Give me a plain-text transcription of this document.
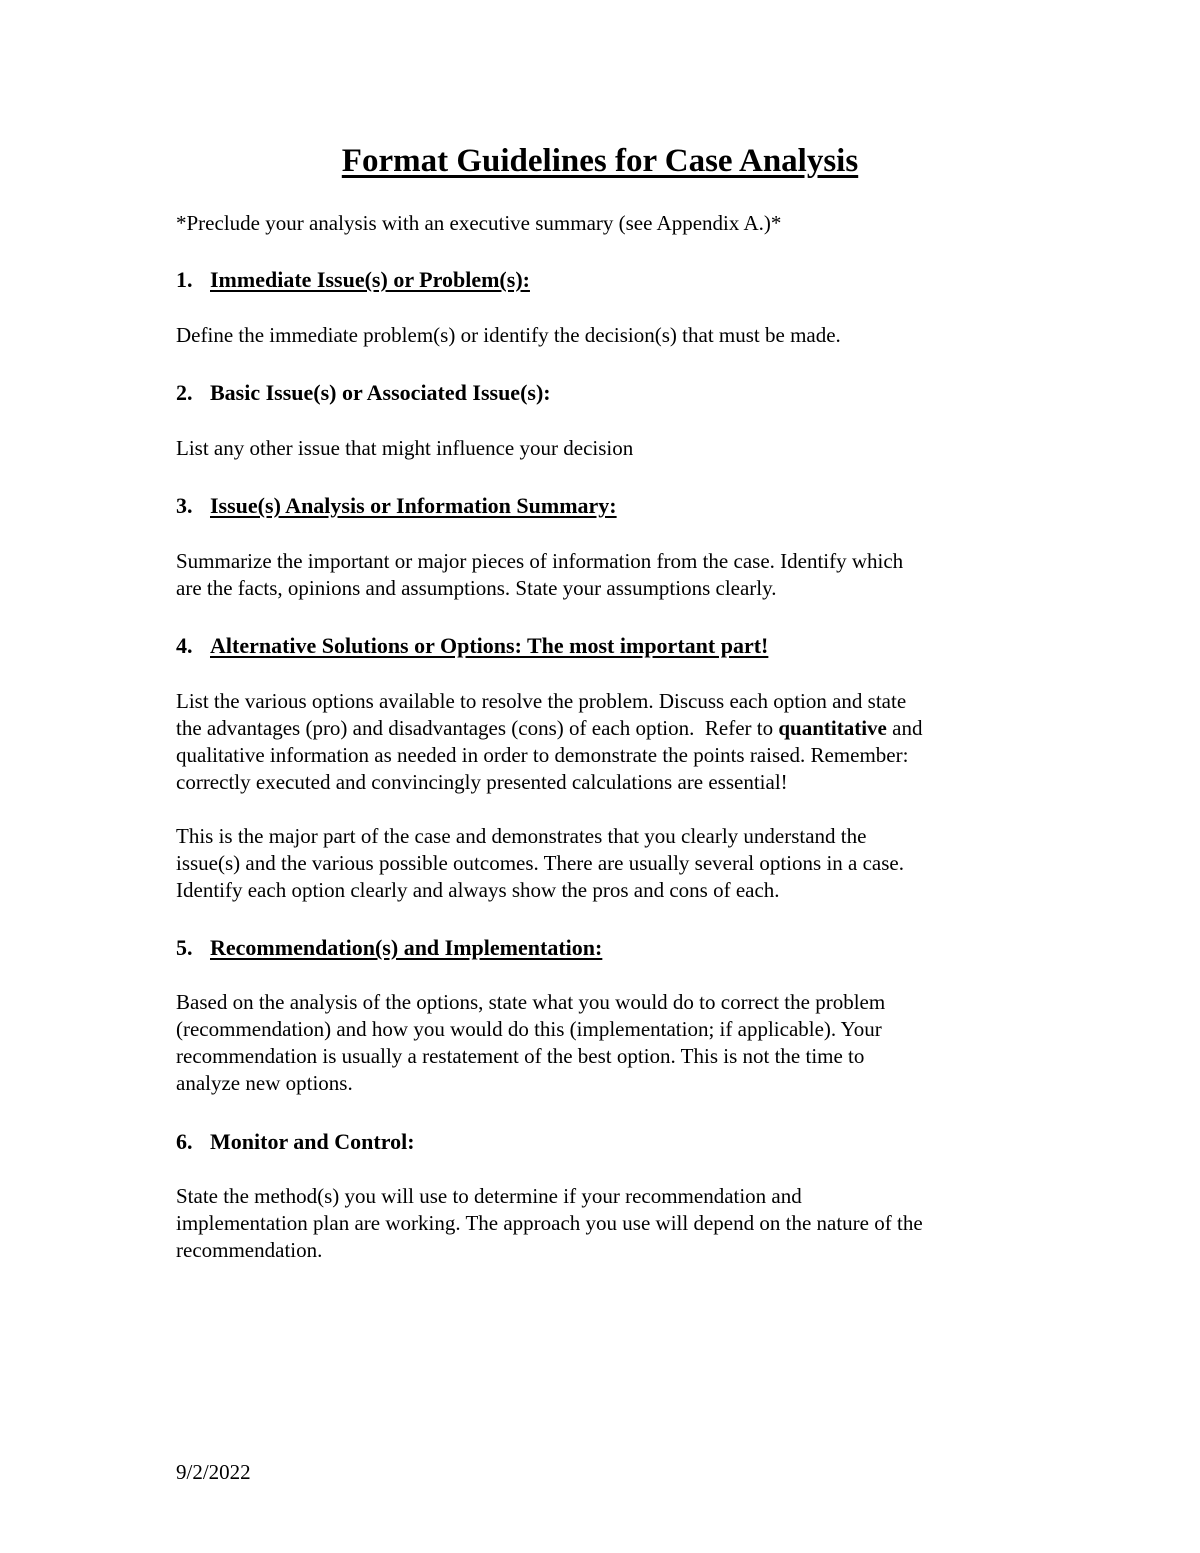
Format Guidelines for Case Analysis

*Preclude your analysis with an executive summary (see Appendix A.)*

1. Immediate Issue(s) or Problem(s):

Define the immediate problem(s) or identify the decision(s) that must be made.

2. Basic Issue(s) or Associated Issue(s):

List any other issue that might influence your decision

3. Issue(s) Analysis or Information Summary:

Summarize the important or major pieces of information from the case. Identify which
are the facts, opinions and assumptions. State your assumptions clearly.

4. Alternative Solutions or Options: The most important part!

List the various options available to resolve the problem. Discuss each option and state
the advantages (pro) and disadvantages (cons) of each option.  Refer to quantitative and
qualitative information as needed in order to demonstrate the points raised. Remember:
correctly executed and convincingly presented calculations are essential!

This is the major part of the case and demonstrates that you clearly understand the
issue(s) and the various possible outcomes. There are usually several options in a case.
Identify each option clearly and always show the pros and cons of each.

5. Recommendation(s) and Implementation:

Based on the analysis of the options, state what you would do to correct the problem
(recommendation) and how you would do this (implementation; if applicable). Your
recommendation is usually a restatement of the best option. This is not the time to
analyze new options.

6. Monitor and Control:

State the method(s) you will use to determine if your recommendation and
implementation plan are working. The approach you use will depend on the nature of the
recommendation.

9/2/2022
